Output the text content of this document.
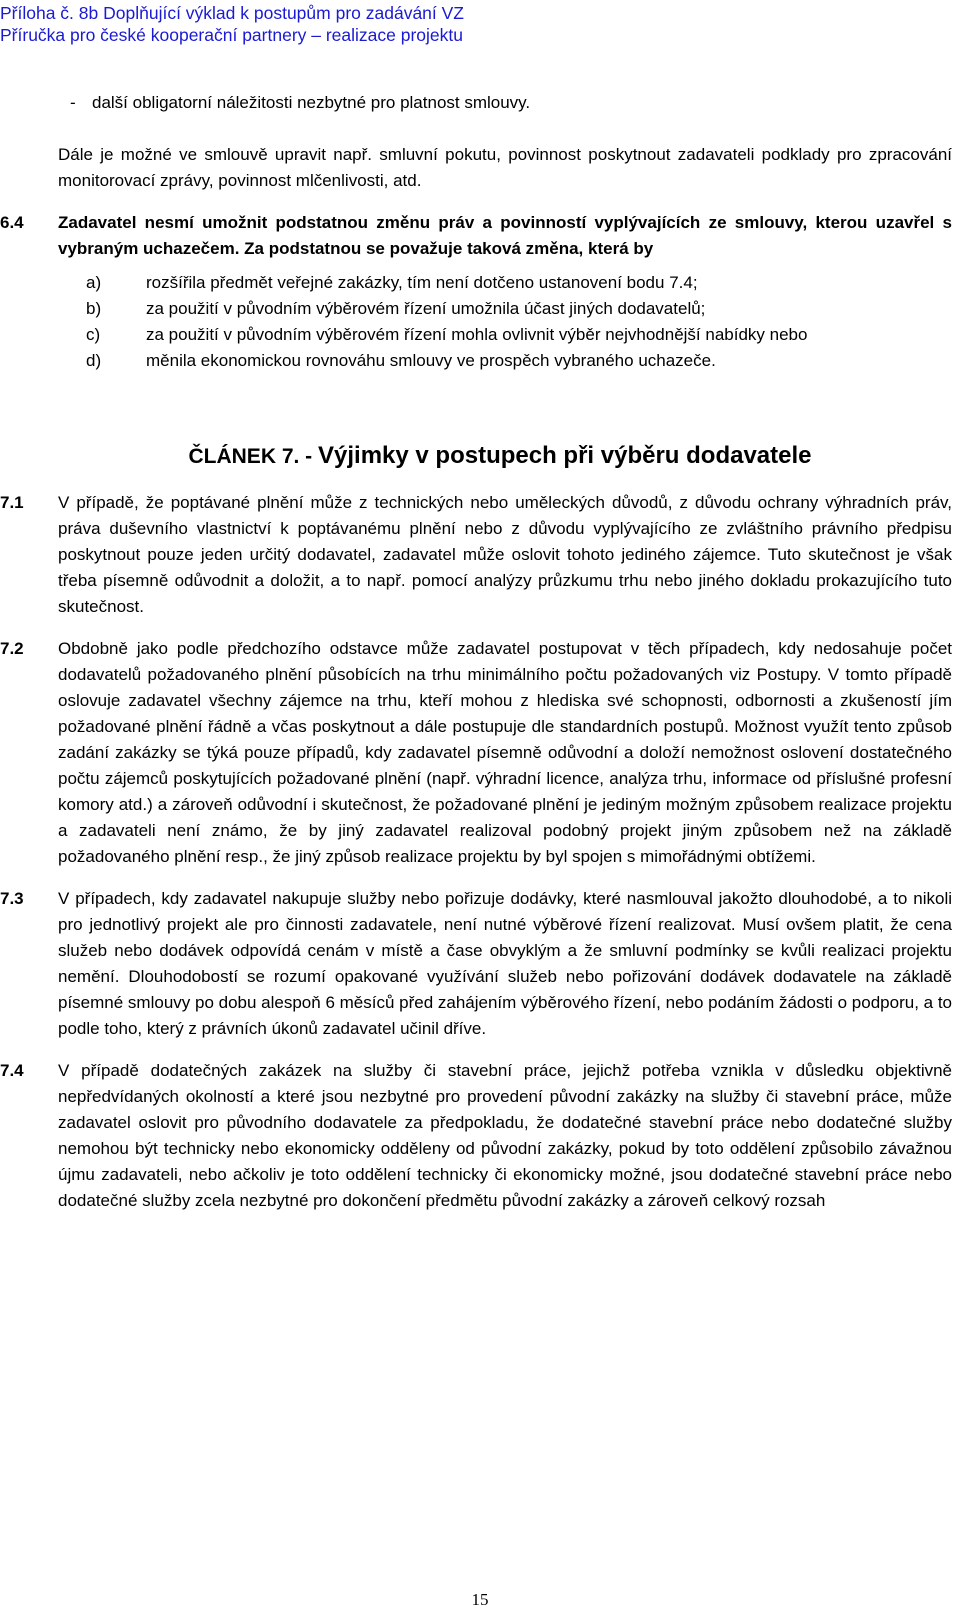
Příloha č. 8b Doplňující výklad k postupům pro zadávání VZ
Příručka pro české kooperační partnery – realizace projektu
- další obligatorní náležitosti nezbytné pro platnost smlouvy.
Dále je možné ve smlouvě upravit např. smluvní pokutu, povinnost poskytnout zadavateli podklady pro zpracování monitorovací zprávy, povinnost mlčenlivosti, atd.
6.4	Zadavatel nesmí umožnit podstatnou změnu práv a povinností vyplývajících ze smlouvy, kterou uzavřel s vybraným uchazečem. Za podstatnou se považuje taková změna, která by
a)	rozšířila předmět veřejné zakázky, tím není dotčeno ustanovení bodu 7.4;
b)	za použití v původním výběrovém řízení umožnila účast jiných dodavatelů;
c)	za použití v původním výběrovém řízení mohla ovlivnit výběr nejvhodnější nabídky nebo
d)	měnila ekonomickou rovnováhu smlouvy ve prospěch vybraného uchazeče.
ČLÁNEK 7. - Výjimky v postupech při výběru dodavatele
7.1	V případě, že poptávané plnění může z technických nebo uměleckých důvodů, z důvodu ochrany výhradních práv, práva duševního vlastnictví k poptávanému plnění nebo z důvodu vyplývajícího ze zvláštního právního předpisu poskytnout pouze jeden určitý dodavatel, zadavatel může oslovit tohoto jediného zájemce. Tuto skutečnost je však třeba písemně odůvodnit a doložit, a to např. pomocí analýzy průzkumu trhu nebo jiného dokladu prokazujícího tuto skutečnost.
7.2	Obdobně jako podle předchozího odstavce může zadavatel postupovat v těch případech, kdy nedosahuje počet dodavatelů požadovaného plnění působících na trhu minimálního počtu požadovaných viz Postupy. V tomto případě oslovuje zadavatel všechny zájemce na trhu, kteří mohou z hlediska své schopnosti, odbornosti a zkušeností jím požadované plnění řádně a včas poskytnout a dále postupuje dle standardních postupů. Možnost využít tento způsob zadání zakázky se týká pouze případů, kdy zadavatel písemně odůvodní a doloží nemožnost oslovení dostatečného počtu zájemců poskytujících požadované plnění (např. výhradní licence, analýza trhu, informace od příslušné profesní komory atd.) a zároveň odůvodní i skutečnost, že požadované plnění je jediným možným způsobem realizace projektu a zadavateli není známo, že by jiný zadavatel realizoval podobný projekt jiným způsobem než na základě požadovaného plnění resp., že jiný způsob realizace projektu by byl spojen s mimořádnými obtížemi.
7.3	V případech, kdy zadavatel nakupuje služby nebo pořizuje dodávky, které nasmlouval jakožto dlouhodobé, a to nikoli pro jednotlivý projekt ale pro činnosti zadavatele, není nutné výběrové řízení realizovat. Musí ovšem platit, že cena služeb nebo dodávek odpovídá cenám v místě a čase obvyklým a že smluvní podmínky se kvůli realizaci projektu nemění. Dlouhodobostí se rozumí opakované využívání služeb nebo pořizování dodávek dodavatele na základě písemné smlouvy po dobu alespoň 6 měsíců před zahájením výběrového řízení, nebo podáním žádosti o podporu, a to podle toho, který z právních úkonů zadavatel učinil dříve.
7.4	V případě dodatečných zakázek na služby či stavební práce, jejichž potřeba vznikla v důsledku objektivně nepředvídaných okolností a které jsou nezbytné pro provedení původní zakázky na služby či stavební práce, může zadavatel oslovit pro původního dodavatele za předpokladu, že dodatečné stavební práce nebo dodatečné služby nemohou být technicky nebo ekonomicky odděleny od původní zakázky, pokud by toto oddělení způsobilo závažnou újmu zadavateli, nebo ačkoliv je toto oddělení technicky či ekonomicky možné, jsou dodatečné stavební práce nebo dodatečné služby zcela nezbytné pro dokončení předmětu původní zakázky a zároveň celkový rozsah
15
